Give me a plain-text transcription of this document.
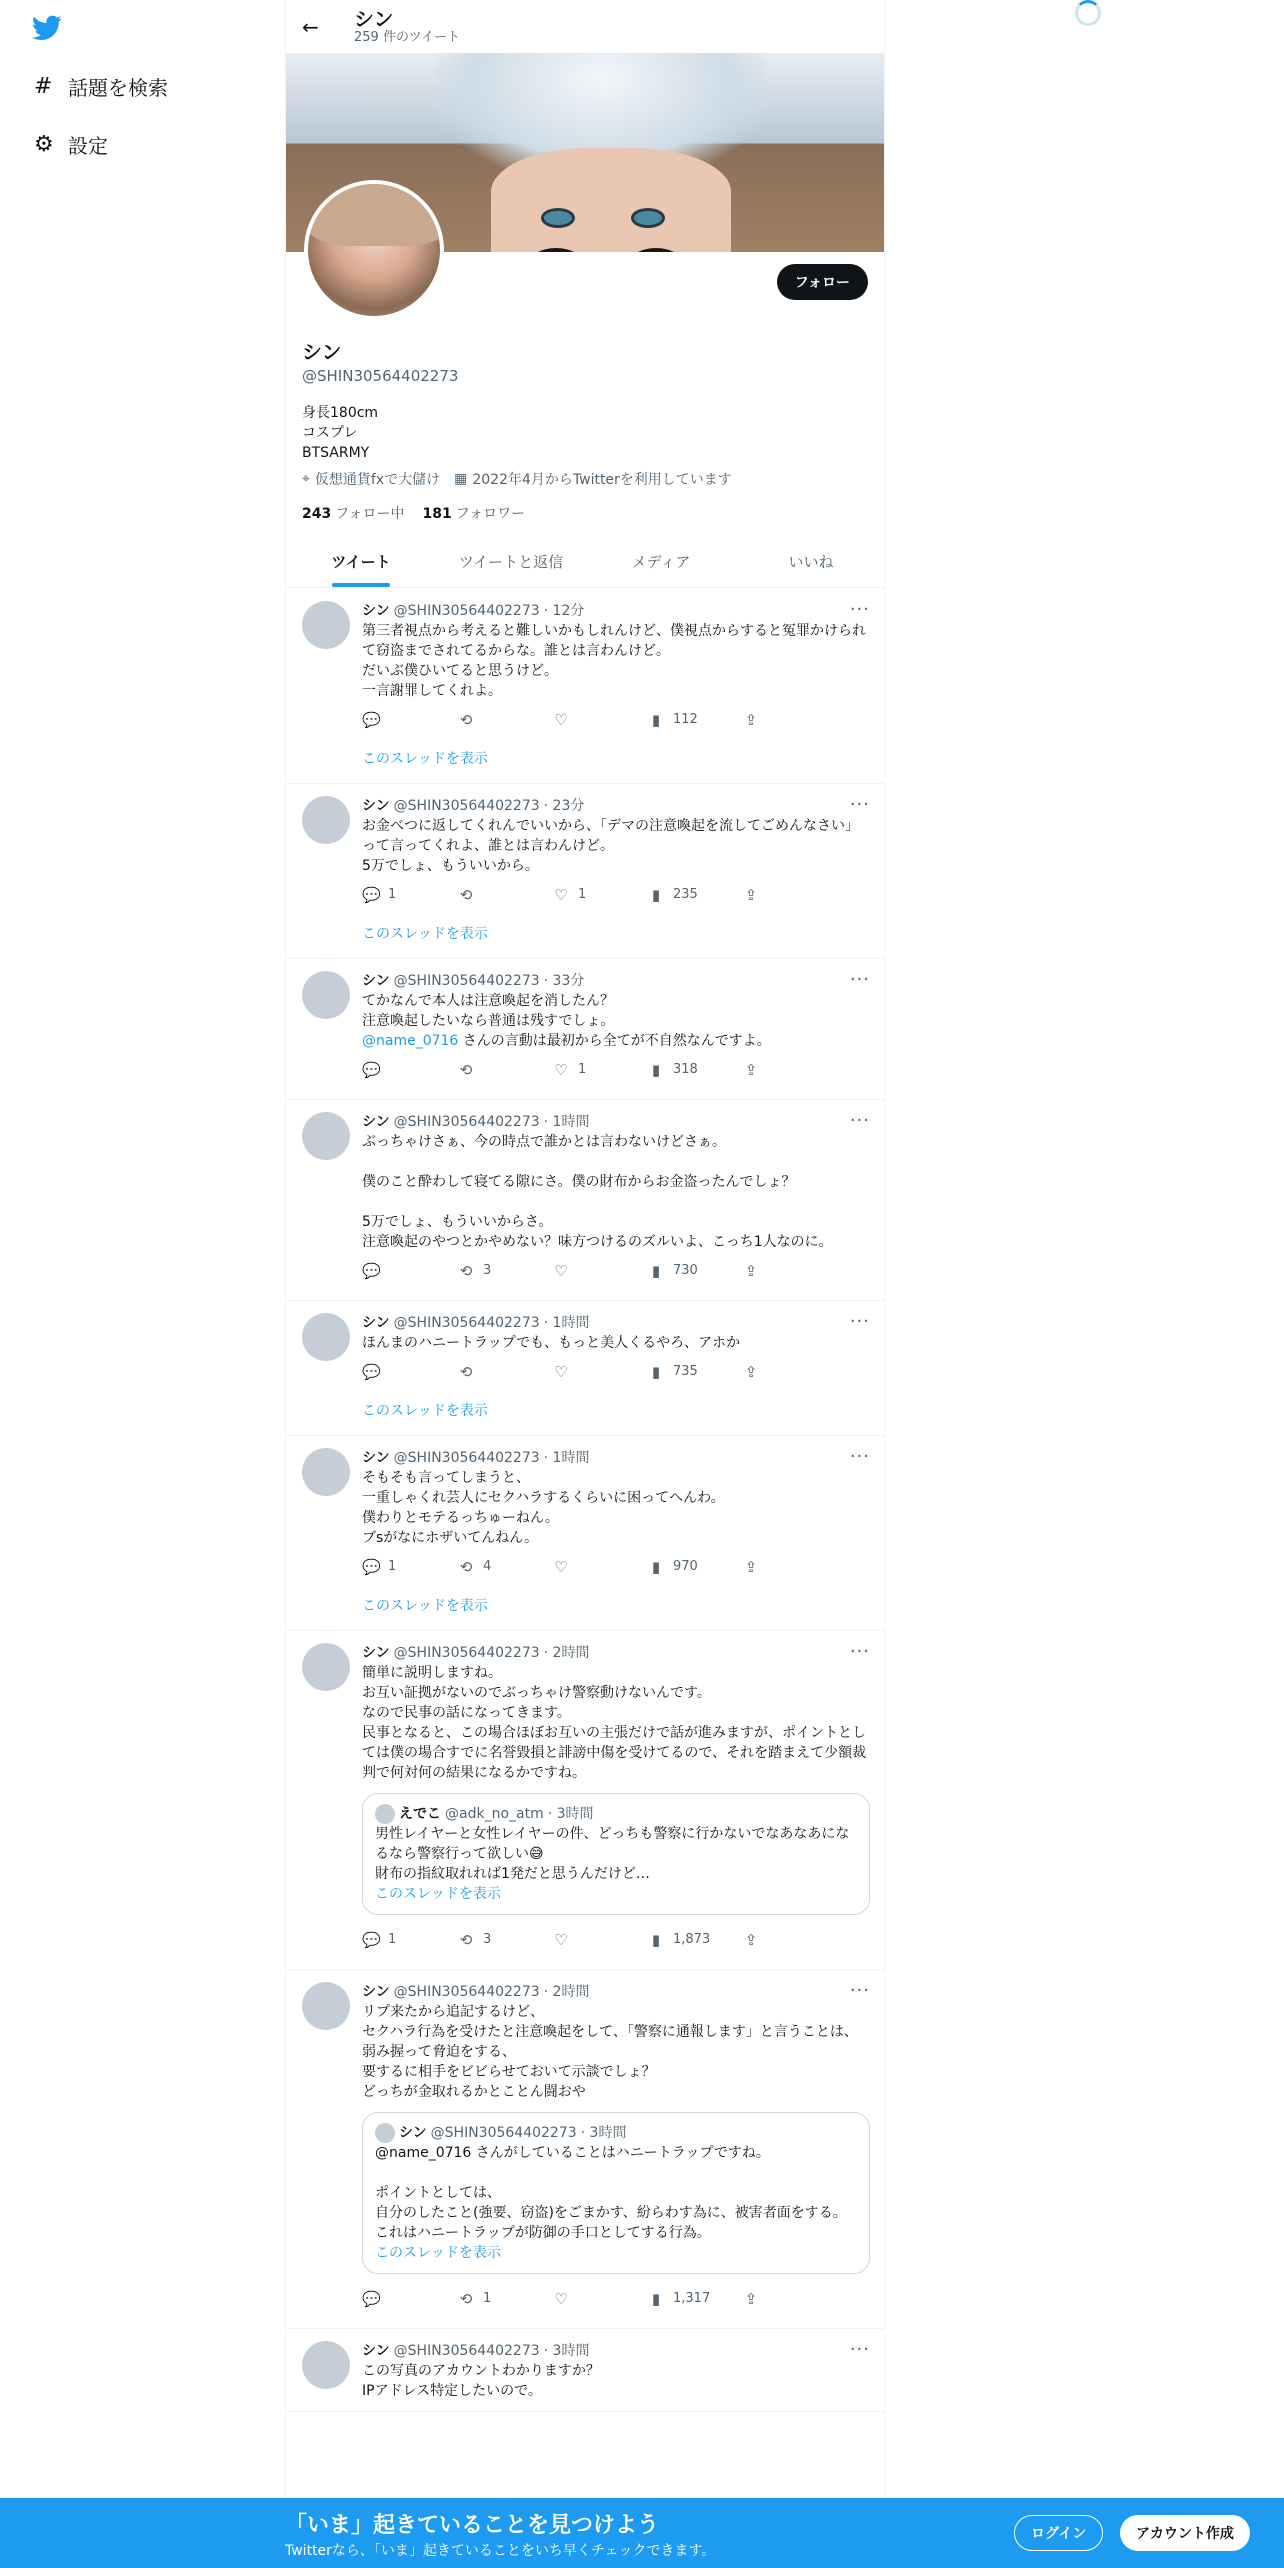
# 話題を検索
⚙ 設定
←	シン
259 件のツイート
フォロー
シン
@SHIN30564402273
身長180cm
コスプレ
BTSARMY
⌖ 仮想通貨fxで大儲け ▦ 2022年4月からTwitterを利用しています
243 フォロー中 181 フォロワー
ツイート	ツイートと返信	メディア	いいね
···
シン @SHIN30564402273 · 12分
第三者視点から考えると難しいかもしれんけど、僕視点からすると冤罪かけられて窃盗までされてるからな。誰とは言わんけど。
だいぶ僕ひいてると思うけど。
一言謝罪してくれよ。
💬	⟲	♡	▮ 112	⇪
このスレッドを表示
···
シン @SHIN30564402273 · 23分
お金べつに返してくれんでいいから、「デマの注意喚起を流してごめんなさい」って言ってくれよ、誰とは言わんけど。
5万でしょ、もういいから。
💬 1	⟲	♡ 1	▮ 235	⇪
このスレッドを表示
···
シン @SHIN30564402273 · 33分
てかなんで本人は注意喚起を消したん？
注意喚起したいなら普通は残すでしょ。
@name_0716 さんの言動は最初から全てが不自然なんですよ。
💬	⟲	♡ 1	▮ 318	⇪
···
シン @SHIN30564402273 · 1時間
ぶっちゃけさぁ、今の時点で誰かとは言わないけどさぁ。

僕のこと酔わして寝てる隙にさ。僕の財布からお金盗ったんでしょ？

5万でしょ、もういいからさ。
注意喚起のやつとかやめない？味方つけるのズルいよ、こっち1人なのに。
💬	⟲ 3	♡	▮ 730	⇪
···
シン @SHIN30564402273 · 1時間
ほんまのハニートラップでも、もっと美人くるやろ、アホか
💬	⟲	♡	▮ 735	⇪
このスレッドを表示
···
シン @SHIN30564402273 · 1時間
そもそも言ってしまうと、
一重しゃくれ芸人にセクハラするくらいに困ってへんわ。
僕わりとモテるっちゅーねん。
ブsがなにホザいてんねん。
💬 1	⟲ 4	♡	▮ 970	⇪
このスレッドを表示
···
シン @SHIN30564402273 · 2時間
簡単に説明しますね。
お互い証拠がないのでぶっちゃけ警察動けないんです。
なので民事の話になってきます。
民事となると、この場合ほぼお互いの主張だけで話が進みますが、ポイントとしては僕の場合すでに名誉毀損と誹謗中傷を受けてるので、それを踏まえて少額裁判で何対何の結果になるかですね。
えでこ @adk_no_atm · 3時間
男性レイヤーと女性レイヤーの件、どっちも警察に行かないでなあなあになるなら警察行って欲しい😅
財布の指紋取れれば1発だと思うんだけど…
このスレッドを表示
💬 1	⟲ 3	♡	▮ 1,873 ⇪
···
シン @SHIN30564402273 · 2時間
リプ来たから追記するけど、
セクハラ行為を受けたと注意喚起をして、「警察に通報します」と言うことは、弱み握って脅迫をする、
要するに相手をビビらせておいて示談でしょ？
どっちが金取れるかとことん闘おや
シン @SHIN30564402273 · 3時間
@name_0716 さんがしていることはハニートラップですね。

ポイントとしては、
自分のしたこと(強要、窃盗)をごまかす、紛らわす為に、被害者面をする。
これはハニートラップが防御の手口としてする行為。
このスレッドを表示
💬	⟲ 1	♡	▮ 1,317 ⇪
···
シン @SHIN30564402273 · 3時間
この写真のアカウントわかりますか？
IPアドレス特定したいので。
「いま」起きていることを見つけよう
Twitterなら、「いま」起きていることをいち早くチェックできます。
ログイン	アカウント作成
